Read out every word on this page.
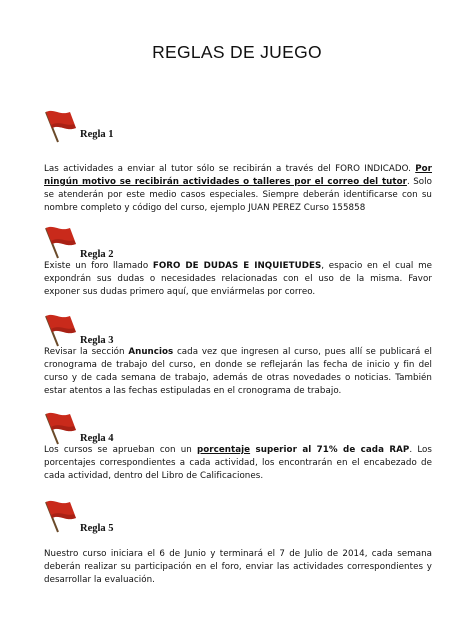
REGLAS DE JUEGO
Regla 1
Las actividades a enviar al tutor sólo se recibirán a través del FORO INDICADO. Por ningún motivo se recibirán actividades o talleres por el correo del tutor. Solo se atenderán por este medio casos especiales. Siempre deberán identificarse con su nombre completo y código del curso, ejemplo JUAN PEREZ Curso 155858
Regla 2
Existe un foro llamado FORO DE DUDAS E INQUIETUDES, espacio en el cual me expondrán sus dudas o necesidades relacionadas con el uso de la misma. Favor exponer sus dudas primero aquí, que enviármelas por correo.
Regla 3
Revisar la sección Anuncios cada vez que ingresen al curso, pues allí se publicará el cronograma de trabajo del curso, en donde se reflejarán las fecha de inicio y fin del curso y de cada semana de trabajo, además de otras novedades o noticias. También estar atentos a las fechas estipuladas en el cronograma de trabajo.
Regla 4
Los cursos se aprueban con un porcentaje superior al 71% de cada RAP. Los porcentajes correspondientes a cada actividad, los encontrarán en el encabezado de cada actividad, dentro del Libro de Calificaciones.
Regla 5
Nuestro curso iniciara el 6 de Junio y terminará el 7 de Julio de 2014, cada semana deberán realizar su participación en el foro, enviar las actividades correspondientes y desarrollar la evaluación.
